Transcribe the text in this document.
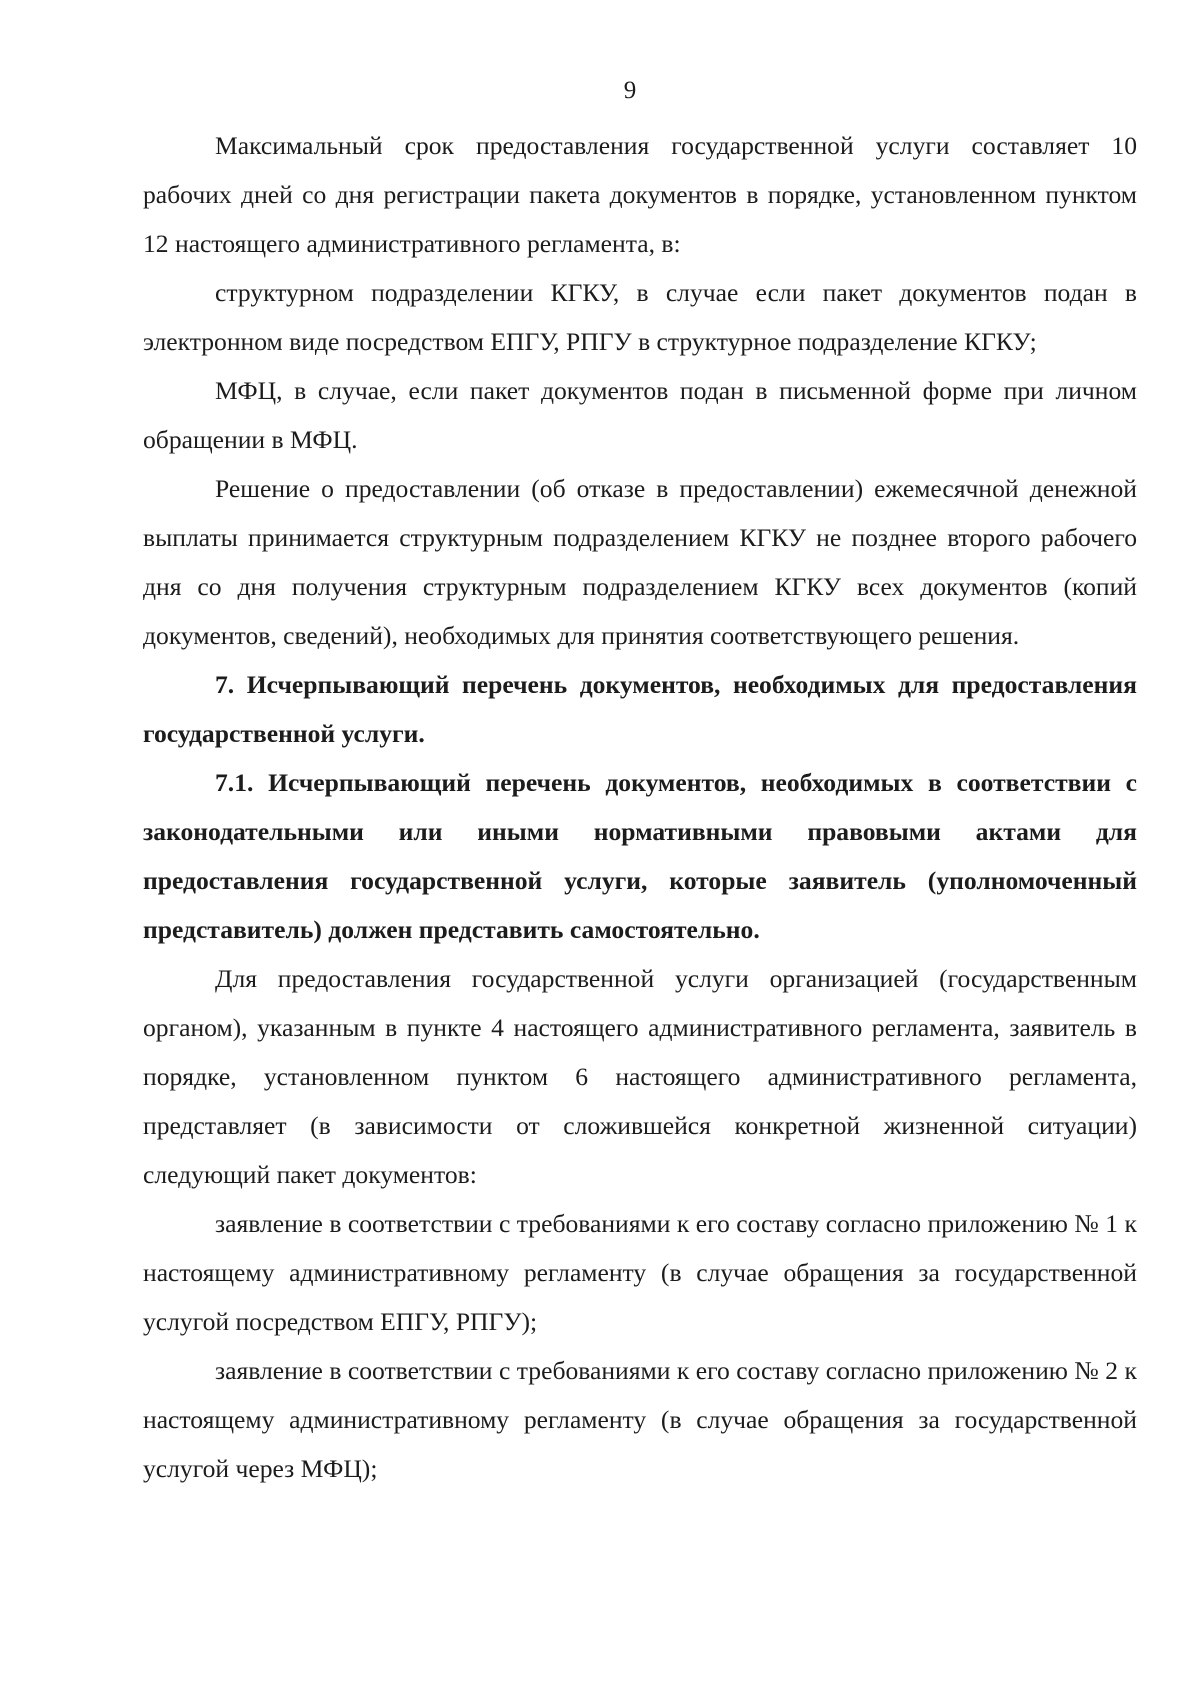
9

Максимальный срок предоставления государственной услуги составляет 10 рабочих дней со дня регистрации пакета документов в порядке, установленном пунктом 12 настоящего административного регламента, в:

структурном подразделении КГКУ, в случае если пакет документов подан в электронном виде посредством ЕПГУ, РПГУ в структурное подразделение КГКУ;

МФЦ, в случае, если пакет документов подан в письменной форме при личном обращении в МФЦ.

Решение о предоставлении (об отказе в предоставлении) ежемесячной денежной выплаты принимается структурным подразделением КГКУ не позднее второго рабочего дня со дня получения структурным подразделением КГКУ всех документов (копий документов, сведений), необходимых для принятия соответствующего решения.

7. Исчерпывающий перечень документов, необходимых для предоставления государственной услуги.

7.1. Исчерпывающий перечень документов, необходимых в соответствии с законодательными или иными нормативными правовыми актами для предоставления государственной услуги, которые заявитель (уполномоченный представитель) должен представить самостоятельно.

Для предоставления государственной услуги организацией (государственным органом), указанным в пункте 4 настоящего административного регламента, заявитель в порядке, установленном пунктом 6 настоящего административного регламента, представляет (в зависимости от сложившейся конкретной жизненной ситуации) следующий пакет документов:

заявление в соответствии с требованиями к его составу согласно приложению № 1 к настоящему административному регламенту (в случае обращения за государственной услугой посредством ЕПГУ, РПГУ);

заявление в соответствии с требованиями к его составу согласно приложению № 2 к настоящему административному регламенту (в случае обращения за государственной услугой через МФЦ);
